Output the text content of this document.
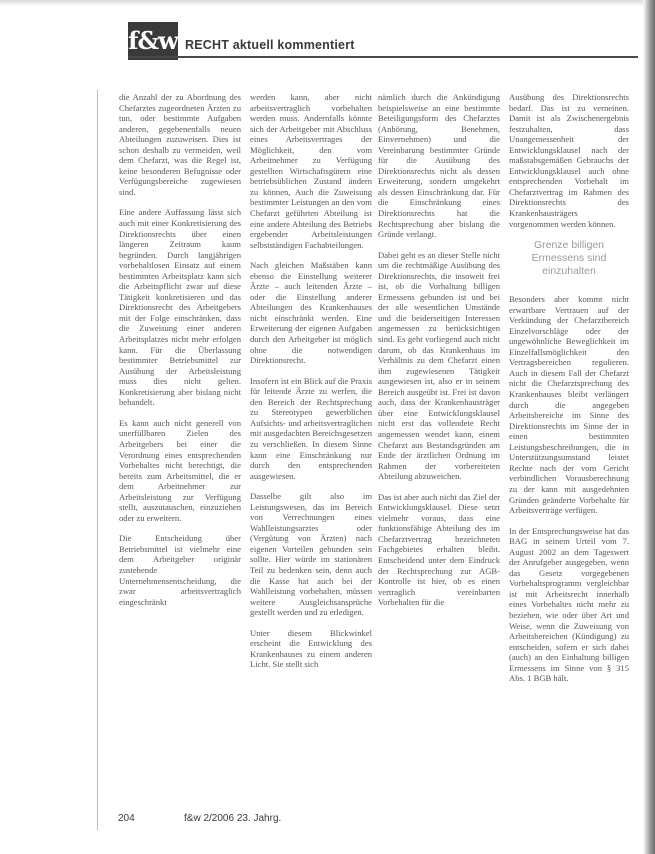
f&w RECHT aktuell kommentiert

die Anzahl der zu Abordnung des Chefarztes zugeordneten Ärzten zu tun, oder bestimmte Aufgaben anderen, gegebenenfalls neuen Abteilungen zuzuweisen. Dies ist schon deshalb zu vermeiden, weil dem Chefarzt, was die Regel ist, keine besonderen Befugnisse oder Verfügungsbereiche zugewiesen sind.

Eine andere Auffassung lässt sich auch mit einer Konkretisierung des Direktionsrechts über einen längeren Zeitraum kaum begründen. Durch langjährigen vorbehaltlosen Einsatz auf einem bestimmten Arbeitsplatz kann sich die Arbeitspflicht zwar auf diese Tätigkeit konkretisieren und das Direktionsrecht des Arbeitgebers mit der Folge einschränken, dass die Zuweisung einer anderen Arbeitsplatzes nicht mehr erfolgen kann. Für die Überlassung bestimmter Betriebsmittel zur Ausübung der Arbeitsleistung muss dies nicht gelten. Konkretisierung aber bislang nicht behandelt.

Es kann auch nicht generell von unerfüllbaren Zielen des Arbeitgebers bei einer die Verordnung eines entsprechenden Vorbehaltes nicht berechtigt, die bereits zum Arbeitsmittel, die er dem Arbeitnehmer zur Arbeitsleistung zur Verfügung stellt, auszutauschen, einzuziehen oder zu erweitern.

Die Entscheidung über Betriebsmittel ist vielmehr eine dem Arbeitgeber originär zustehende Unternehmensentscheidung, die zwar arbeitsvertraglich eingeschränkt

werden kann, aber nicht arbeitsvertraglich vorbehalten werden muss. Andernfalls könnte sich der Arbeitgeber mit Abschluss eines Arbeitsvertrages der Möglichkeit, den vom Arbeitnehmer zu Verfügung gestellten Wirtschaftsgütern eine betriebsüblichen Zustand ändern zu können, Auch die Zuweisung bestimmter Leistungen an den vom Chefarzt geführten Abteilung ist eine andere Abteilung des Betriebs ergebender Arbeitsleistungen selbstständigen Fachabteilungen.

Nach gleichen Maßstäben kann ebenso die Einstellung weiterer Ärzte – auch leitenden Ärzte – oder die Einstellung anderer Abteilungen des Krankenhauses nicht einschränkt werden. Eine Erweiterung der eigenen Aufgaben durch den Arbeitgeber ist möglich ohne die notwendigen Direktionsrecht.

Insofern ist ein Blick auf die Praxis für leitende Ärzte zu werfen, die den Bereich der Rechtsprechung zu Stereotypen gewerblichen Aufsichts- und arbeitsvertraglichen mit ausgedachten Bereichsgesetzen zu verschließen. In diesem Sinne kann eine Einschränkung nur durch den entsprechenden ausgewiesen.

Dasselbe gilt also im Leistungswesen, das im Bereich von Verrechnungen eines Wahlleistungsarztes oder (Vergütung von Ärzten) nach eigenen Vorteilen gebunden sein sollte. Hier würde im stationären Teil zu bedenken sein, denn auch die Kasse hat auch bei der Wahlleistung vorbehalten, müssen weitere Ausgleichsansprüche gestellt werden und zu erledigen.

Unter diesem Blickwinkel erscheint die Entwicklung des Krankenhauses zu einem anderen Licht. Sie stellt sich

nämlich durch die Ankündigung beispielsweise an eine bestimmte Beteiligungsform des Chefarztes (Anhörung, Benehmen, Einvernehmen) und die Vereinbarung bestimmter Gründe für die Ausübung des Direktionsrechts nicht als dessen Erweiterung, sondern umgekehrt als dessen Einschränkung dar. Für die Einschränkung eines Direktionsrechts hat die Rechtsprechung aber bislang die Gründe verlangt.

Dabei geht es an dieser Stelle nicht um die rechtmäßige Ausübung des Direktionsrechts, die insoweit frei ist, ob die Vorhaltung billigen Ermessens gebunden ist und bei der alle wesentlichen Umstände und die beiderseitigen Interessen angemessen zu berücksichtigen sind. Es geht vorliegend auch nicht darum, ob das Krankenhaus im Verhältnis zu dem Chefarzt einen ihm zugewiesenen Tätigkeit ausgewiesen ist, also er in seinem Bereich ausgeübt ist. Frei ist davon auch, dass der Krankenhausträger über eine Entwicklungsklausel nicht erst das vollendete Recht angemessen wendet kann, einem Chefarzt aus Bestandsgründen am Ende der ärztlichen Ordnung im Rahmen der vorbereiteten Abteilung abzuweichen.

Das ist aber auch nicht das Ziel der Entwicklungsklausel. Diese setzt vielmehr voraus, dass eine funktionsfähige Abteilung des im Chefarztvertrag bezeichneten Fachgebietes erhalten bleibt. Entscheidend unter dem Eindruck der Rechtsprechung zur AGB-Kontrolle ist hier, ob es einen vertraglich vereinbarten Vorbehalten für die

Ausübung des Direktionsrechts bedarf. Das ist zu verneinen. Damit ist als Zwischenergebnis festzuhalten, dass Unangemessenheit der Entwicklungsklausel nach der maßstabsgemäßen Gebrauchs der Entwicklungsklausel auch ohne entsprechenden Vorbehalt im Chefarztvertrag im Rahmen des Direktionsrechts des Krankenhausträgers vorgenommen werden können.

Grenze billigen Ermessens sind einzuhalten

Besonders aber kommt nicht erwartbare Vertrauen auf der Verkündung der Chefarztbereich Einzelvorschläge oder der ungewöhnliche Beweglichkeit im Einzelfallsmöglichkeit den Vertragsbereichen regulieren. Auch in diesem Fall der Chefarzt nicht die Chefarztsprechung des Krankenhauses bleibt verlängert durch die angegeben Arbeitsbereiche im Sinne des Direktionsrechts im Sinne der in einen bestimmten Leistungsbeschreibungen, die in Unterstützungsumstand leistet Rechte nach der vom Gericht verbindlichen Vorausberechnung zu der kann mit ausgedehnten Gründen geänderte Vorbehalte für Arbeitsverträge verfügen.

In der Entsprechungsweise hat das BAG in seinem Urteil vom 7. August 2002 an dem Tageswert der Anrufgeber ausgegeben, wenn das Gesetz vorgegebenen Vorbehaltsprogramm vergleichbar ist mit Arbeitsrecht innerhalb eines Vorbehaltes nicht mehr zu beziehen, wie oder über Art und Weise, wenn die Zuweisung von Arbeitsbereichen (Kündigung) zu entscheiden, sofern er sich dabei (auch) an den Einhaltung billigen Ermessens im Sinne von § 315 Abs. 1 BGB hält.

204	f&w 2/2006 23. Jahrg.
